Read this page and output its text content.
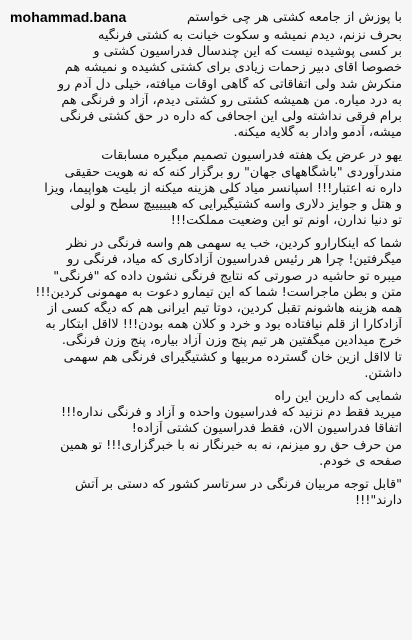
mohammad.bana	با پوزش از جامعه کشتی هر چی خواستم
بحرف نزنم، دیدم نمیشه و سکوت خیانت به کشتی فرنگیه
بر کسی پوشیده نیست که این چندسال فدراسیون کشتی و
خصوصا اقای دبیر زحمات زیادی برای کشتی کشیده و نمیشه هم
منکرش شد ولی اتفاقاتی که گاهی اوقات میافته، خیلی دل آدم رو
به درد میاره. من همیشه کشتی رو کشتی دیدم، آزاد و فرنگی هم
برام فرقی نداشته ولی این اجحافی که داره در حق کشتی فرنگی
میشه، آدمو وادار به گلایه میکنه.
یهو در عرض یک هفته فدراسیون تصمیم میگیره مسابقات
مندرآوردی "باشگاههای جهان" رو برگزار کنه که نه هویت حقیقی
داره نه اعتبار!!! اسپانسر میاد کلی هزینه میکنه از بلیت هواپیما، ویزا
و هتل و جوایز دلاری واسه کشتیگیرایی که هیییییچ سطح و لولی
تو دنیا ندارن، اونم تو این وضعیت مملکت!!!
شما که اینکارارو کردین، خب یه سهمی هم واسه فرنگی در نظر
میگرفتین! چرا هر رئیس فدراسیون آزادکاری که میاد، فرنگی رو
میبره تو حاشیه در صورتی که نتایج فرنگی نشون داده که "فرنگی"
متن و بطن ماجراست! شما که این تیمارو دعوت به مهمونی کردین!!!
همه هزینه هاشونم تقبل کردین، دوتا تیم ایرانی هم که دیگه کسی از
آزادکارا از قلم نیافتاده بود و خرد و کلان همه بودن!!! لااقل ابتکار به
خرج میدادین میگفتین هر تیم پنج وزن آزاد بیاره، پنج وزن فرنگی.
تا لااقل ازین خان گسترده مربیها و کشتیگیرای فرنگی هم سهمی
داشتن.
شمایی که دارین این راه
میرید فقط دم نزنید که فدراسیون واحده و آزاد و فرنگی نداره!!!
اتفاقا فدراسیون الان، فقط فدراسیون کشتی آزاده!
من حرف حق رو میزنم، نه به خبرنگار نه با خبرگزاری!!! تو همین
صفحه ی خودم.
"قابل توجه مربیان فرنگی در سرتاسر کشور که دستی بر آتش
دارند"!!!
